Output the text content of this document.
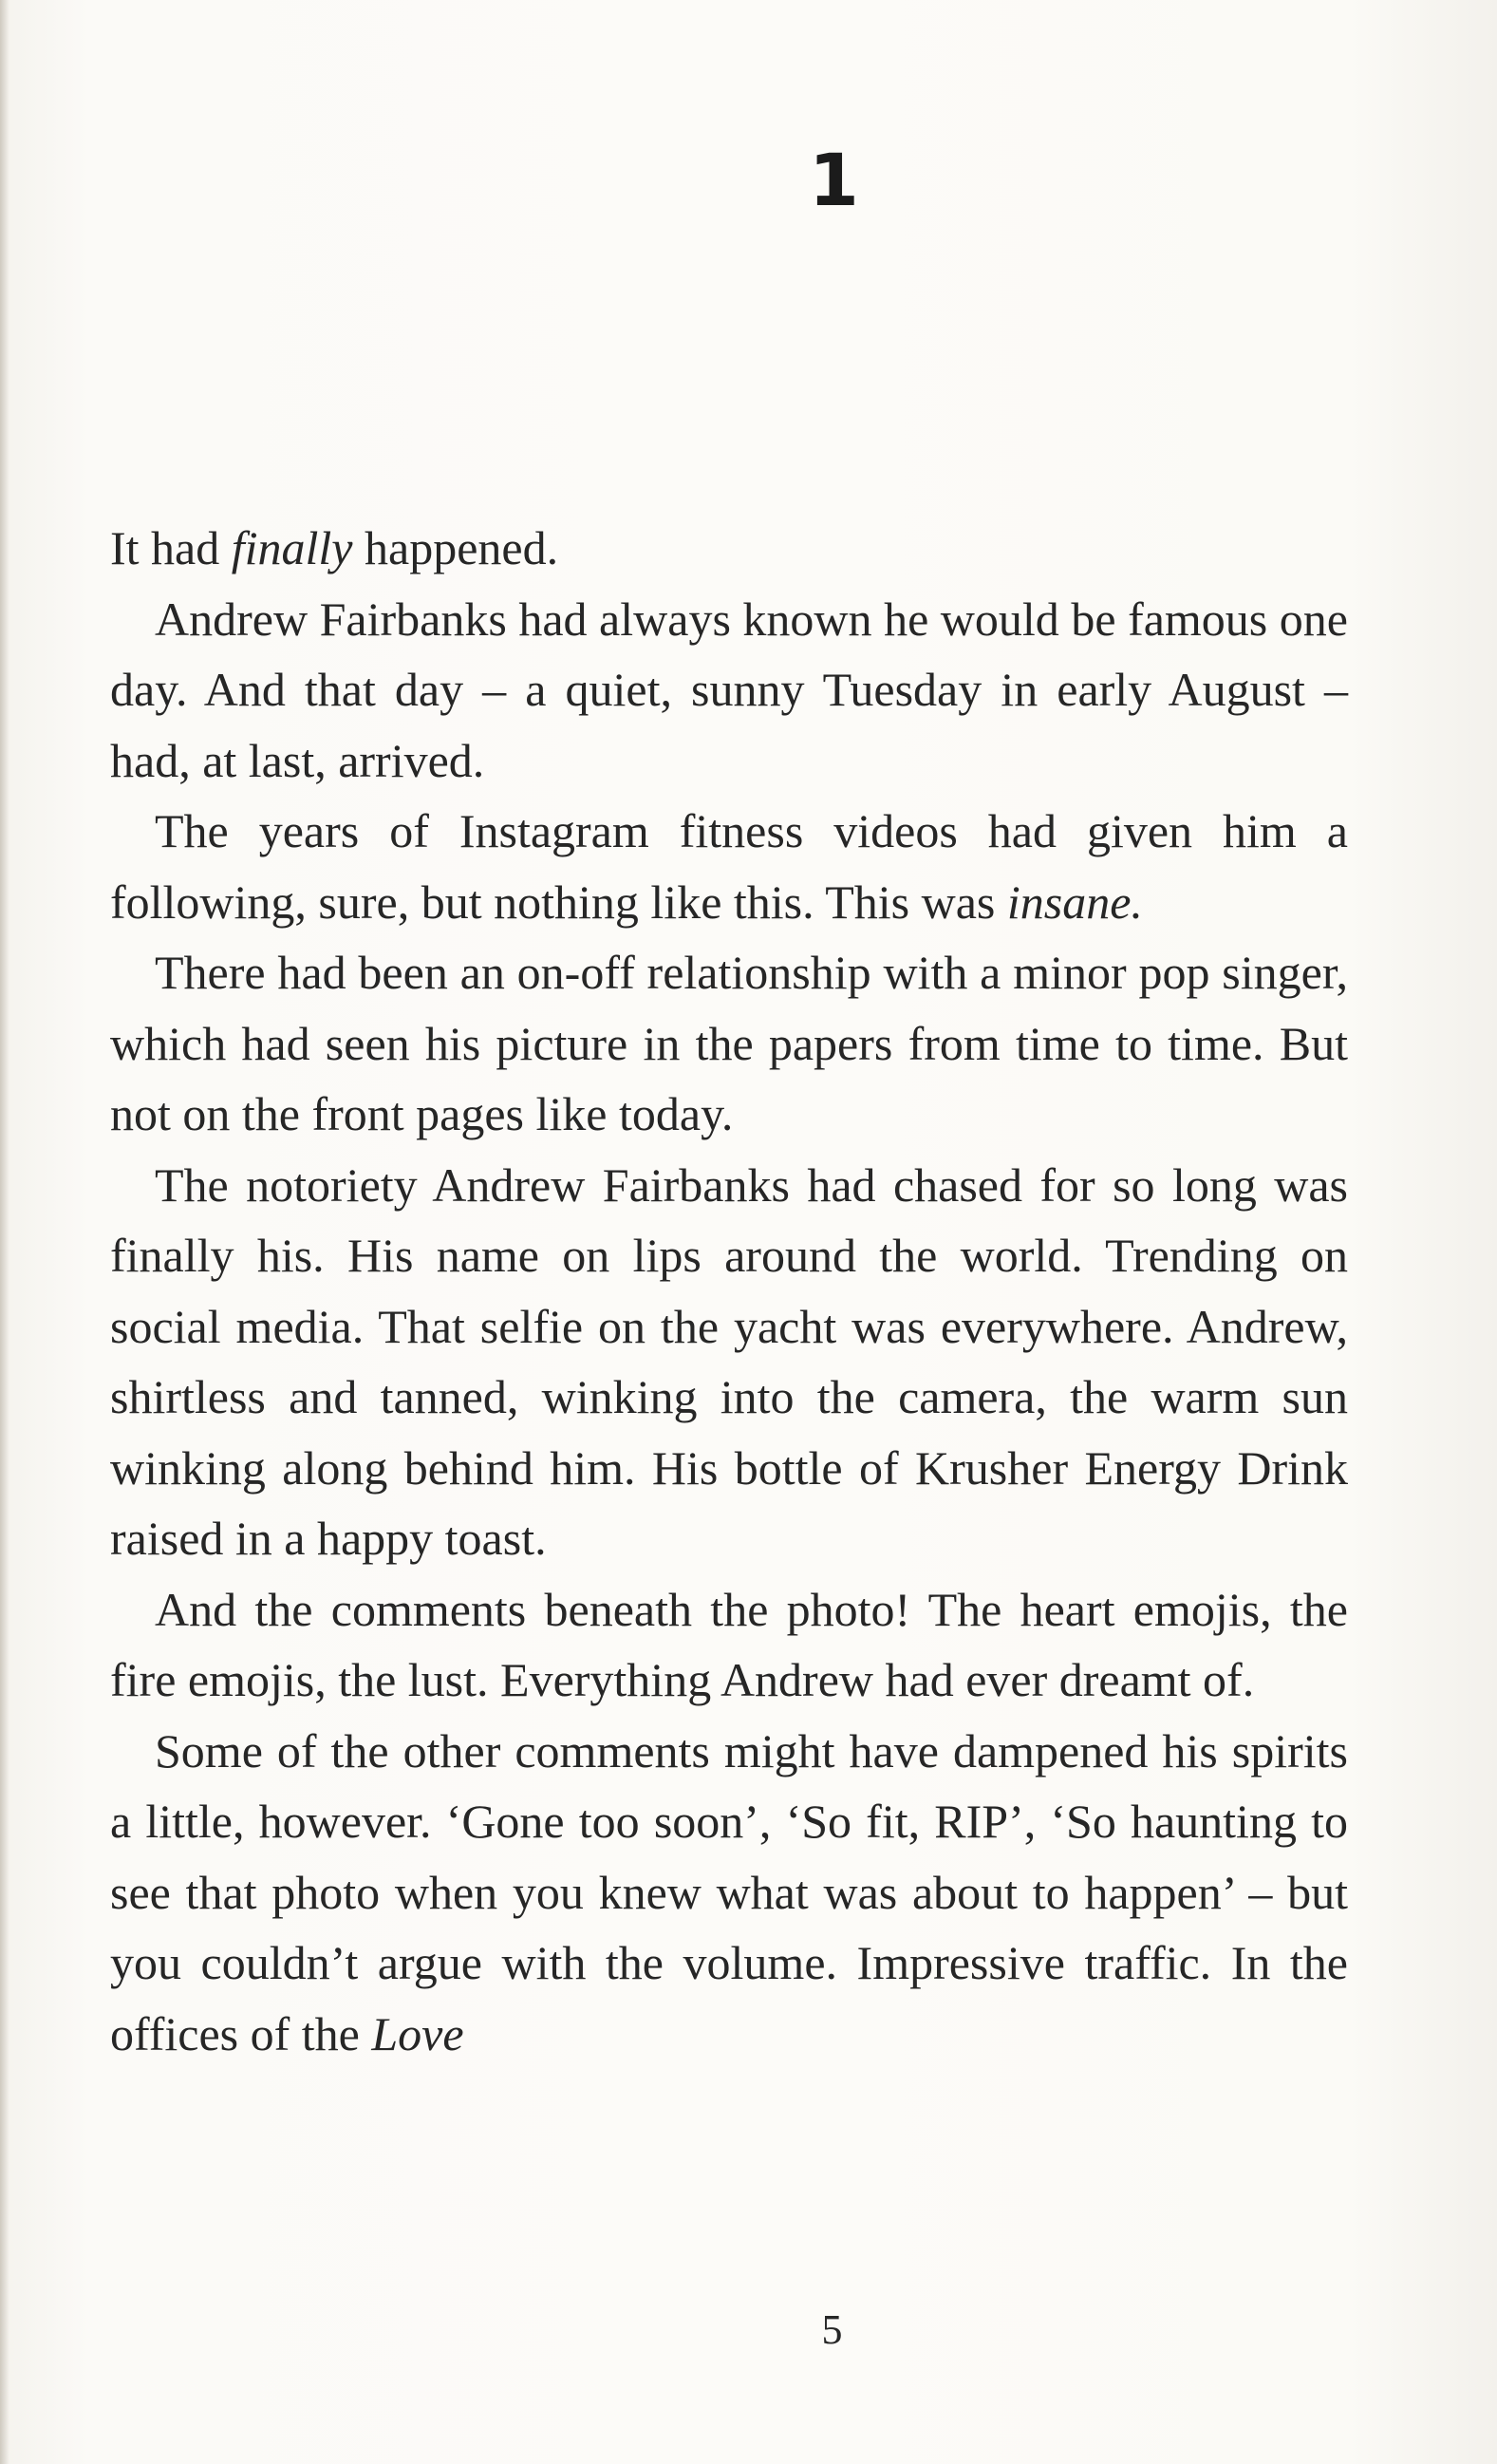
1

It had finally happened.

Andrew Fairbanks had always known he would be famous one day. And that day – a quiet, sunny Tuesday in early August – had, at last, arrived.

The years of Instagram fitness videos had given him a following, sure, but nothing like this. This was insane.

There had been an on-off relationship with a minor pop singer, which had seen his picture in the papers from time to time. But not on the front pages like today.

The notoriety Andrew Fairbanks had chased for so long was finally his. His name on lips around the world. Trending on social media. That selfie on the yacht was everywhere. Andrew, shirtless and tanned, winking into the camera, the warm sun winking along behind him. His bottle of Krusher Energy Drink raised in a happy toast.

And the comments beneath the photo! The heart emojis, the fire emojis, the lust. Everything Andrew had ever dreamt of.

Some of the other comments might have dampened his spirits a little, however. ‘Gone too soon’, ‘So fit, RIP’, ‘So haunting to see that photo when you knew what was about to happen’ – but you couldn’t argue with the volume. Impressive traffic. In the offices of the Love

5
